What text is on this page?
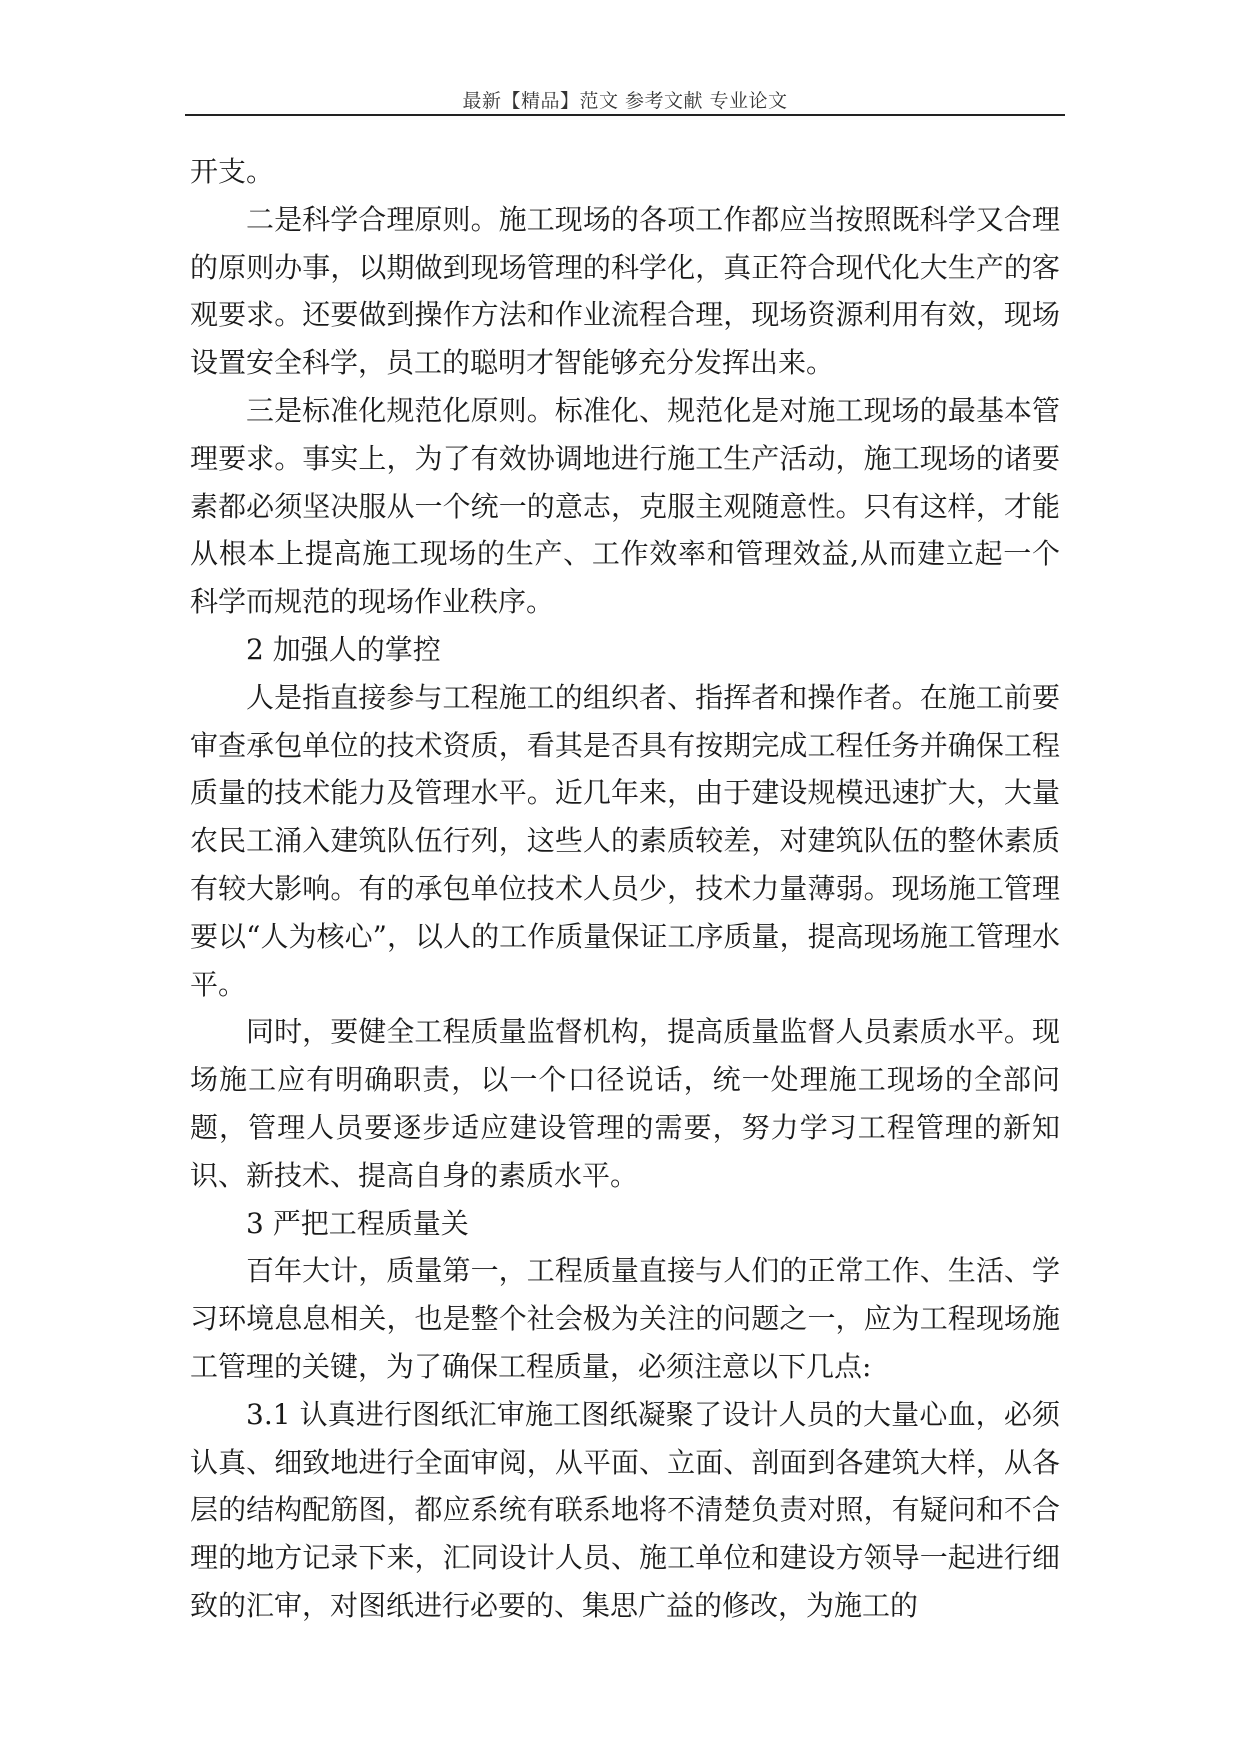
最新【精品】范文 参考文献 专业论文

开支。

二是科学合理原则。施工现场的各项工作都应当按照既科学又合理的原则办事，以期做到现场管理的科学化，真正符合现代化大生产的客观要求。还要做到操作方法和作业流程合理，现场资源利用有效，现场设置安全科学，员工的聪明才智能够充分发挥出来。

三是标准化规范化原则。标准化、规范化是对施工现场的最基本管理要求。事实上，为了有效协调地进行施工生产活动，施工现场的诸要素都必须坚决服从一个统一的意志，克服主观随意性。只有这样，才能从根本上提高施工现场的生产、工作效率和管理效益,从而建立起一个科学而规范的现场作业秩序。

2 加强人的掌控

人是指直接参与工程施工的组织者、指挥者和操作者。在施工前要审查承包单位的技术资质，看其是否具有按期完成工程任务并确保工程质量的技术能力及管理水平。近几年来，由于建设规模迅速扩大，大量农民工涌入建筑队伍行列，这些人的素质较差，对建筑队伍的整休素质有较大影响。有的承包单位技术人员少，技术力量薄弱。现场施工管理要以“人为核心”，以人的工作质量保证工序质量，提高现场施工管理水平。

同时，要健全工程质量监督机构，提高质量监督人员素质水平。现场施工应有明确职责，以一个口径说话，统一处理施工现场的全部问题，管理人员要逐步适应建设管理的需要，努力学习工程管理的新知识、新技术、提高自身的素质水平。

3 严把工程质量关

百年大计，质量第一，工程质量直接与人们的正常工作、生活、学习环境息息相关，也是整个社会极为关注的问题之一，应为工程现场施工管理的关键，为了确保工程质量，必须注意以下几点:

3.1 认真进行图纸汇审施工图纸凝聚了设计人员的大量心血，必须认真、细致地进行全面审阅，从平面、立面、剖面到各建筑大样，从各层的结构配筋图，都应系统有联系地将不清楚负责对照，有疑问和不合理的地方记录下来，汇同设计人员、施工单位和建设方领导一起进行细致的汇审，对图纸进行必要的、集思广益的修改，为施工的
